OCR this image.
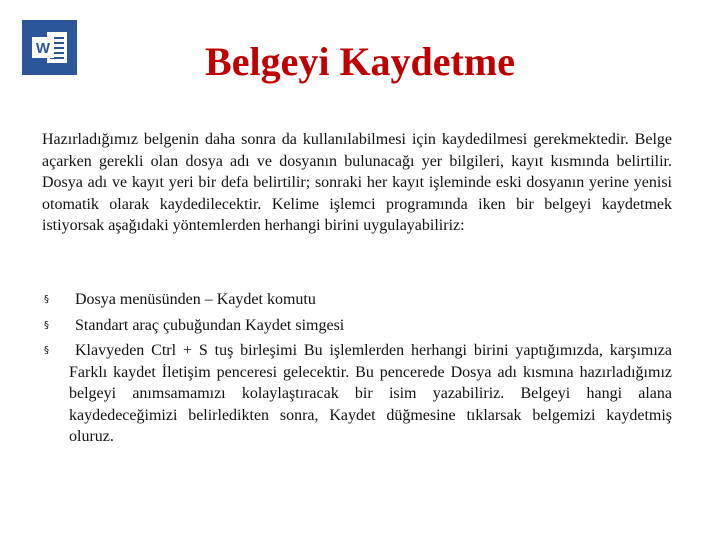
W	Belgeyi Kaydetme

Hazırladığımız belgenin daha sonra da kullanılabilmesi için kaydedilmesi gerekmektedir. Belge açarken gerekli olan dosya adı ve dosyanın bulunacağı yer bilgileri, kayıt kısmında belirtilir. Dosya adı ve kayıt yeri bir defa belirtilir; sonraki her kayıt işleminde eski dosyanın yerine yenisi otomatik olarak kaydedilecektir. Kelime işlemci programında iken bir belgeyi kaydetmek istiyorsak aşağıdaki yöntemlerden herhangi birini uygulayabiliriz:

§ Dosya menüsünden – Kaydet komutu
§ Standart araç çubuğundan Kaydet simgesi
§ Klavyeden Ctrl + S tuş birleşimi Bu işlemlerden herhangi birini yaptığımızda, karşımıza Farklı kaydet İletişim penceresi gelecektir. Bu pencerede Dosya adı kısmına hazırladığımız belgeyi anımsamamızı kolaylaştıracak bir isim yazabiliriz. Belgeyi hangi alana kaydedeceğimizi belirledikten sonra, Kaydet düğmesine tıklarsak belgemizi kaydetmiş oluruz.
